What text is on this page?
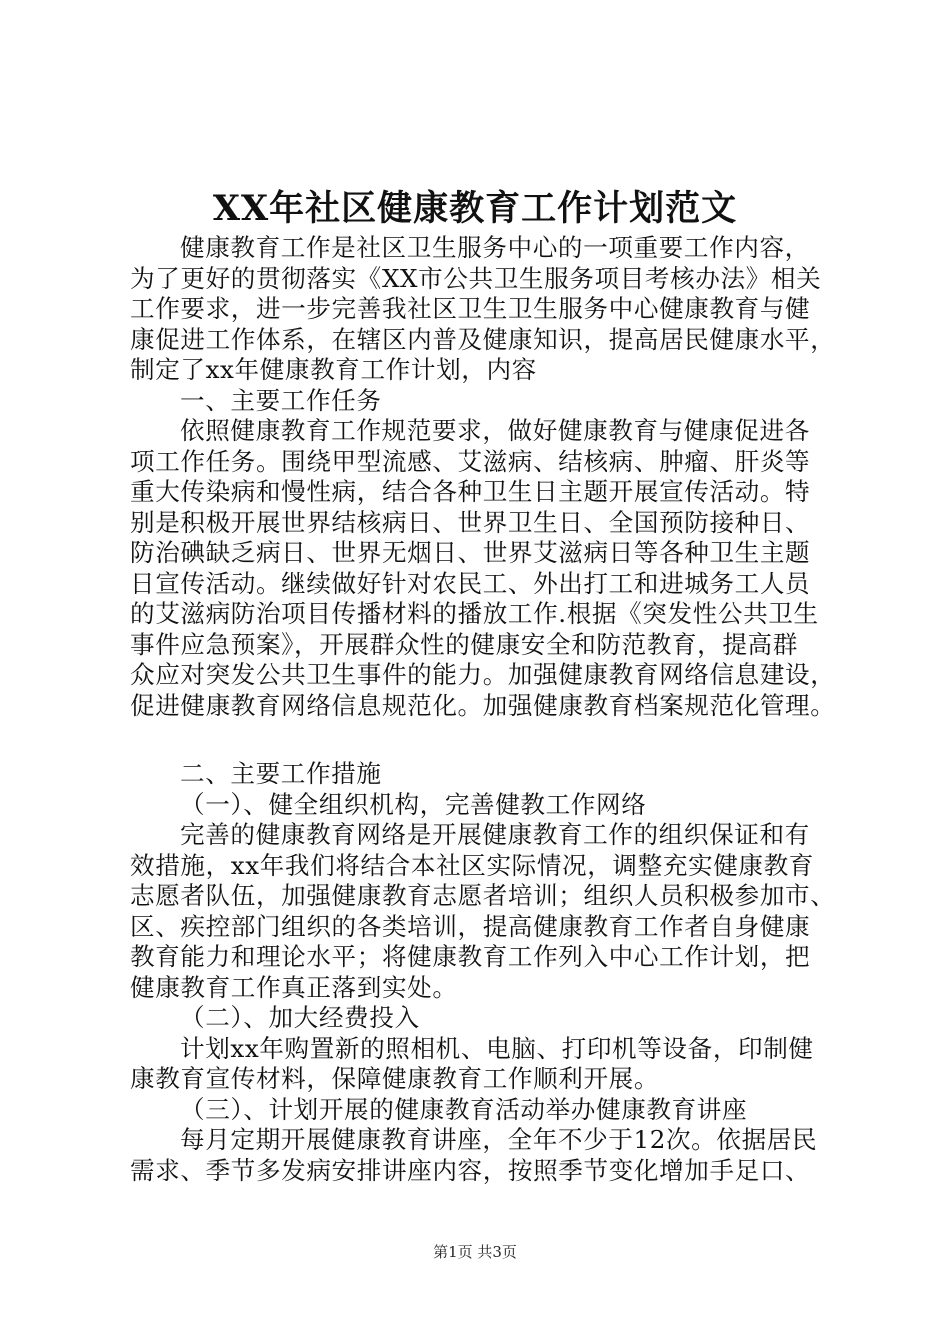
XX年社区健康教育工作计划范文
健康教育工作是社区卫生服务中心的一项重要工作内容，
为了更好的贯彻落实《XX市公共卫生服务项目考核办法》相关
工作要求，进一步完善我社区卫生卫生服务中心健康教育与健
康促进工作体系，在辖区内普及健康知识，提高居民健康水平，
制定了xx年健康教育工作计划，内容
一、主要工作任务
依照健康教育工作规范要求，做好健康教育与健康促进各
项工作任务。围绕甲型流感、艾滋病、结核病、肿瘤、肝炎等
重大传染病和慢性病，结合各种卫生日主题开展宣传活动。特
别是积极开展世界结核病日、世界卫生日、全国预防接种日、
防治碘缺乏病日、世界无烟日、世界艾滋病日等各种卫生主题
日宣传活动。继续做好针对农民工、外出打工和进城务工人员
的艾滋病防治项目传播材料的播放工作.根据《突发性公共卫生
事件应急预案》，开展群众性的健康安全和防范教育，提高群
众应对突发公共卫生事件的能力。加强健康教育网络信息建设，
促进健康教育网络信息规范化。加强健康教育档案规范化管理。
二、主要工作措施
（一）、健全组织机构，完善健教工作网络
完善的健康教育网络是开展健康教育工作的组织保证和有
效措施，xx年我们将结合本社区实际情况，调整充实健康教育
志愿者队伍，加强健康教育志愿者培训；组织人员积极参加市、
区、疾控部门组织的各类培训，提高健康教育工作者自身健康
教育能力和理论水平；将健康教育工作列入中心工作计划，把
健康教育工作真正落到实处。
（二）、加大经费投入
计划xx年购置新的照相机、电脑、打印机等设备，印制健
康教育宣传材料，保障健康教育工作顺利开展。
（三）、计划开展的健康教育活动举办健康教育讲座
每月定期开展健康教育讲座，全年不少于12次。依据居民
需求、季节多发病安排讲座内容，按照季节变化增加手足口、
第1页 共3页
